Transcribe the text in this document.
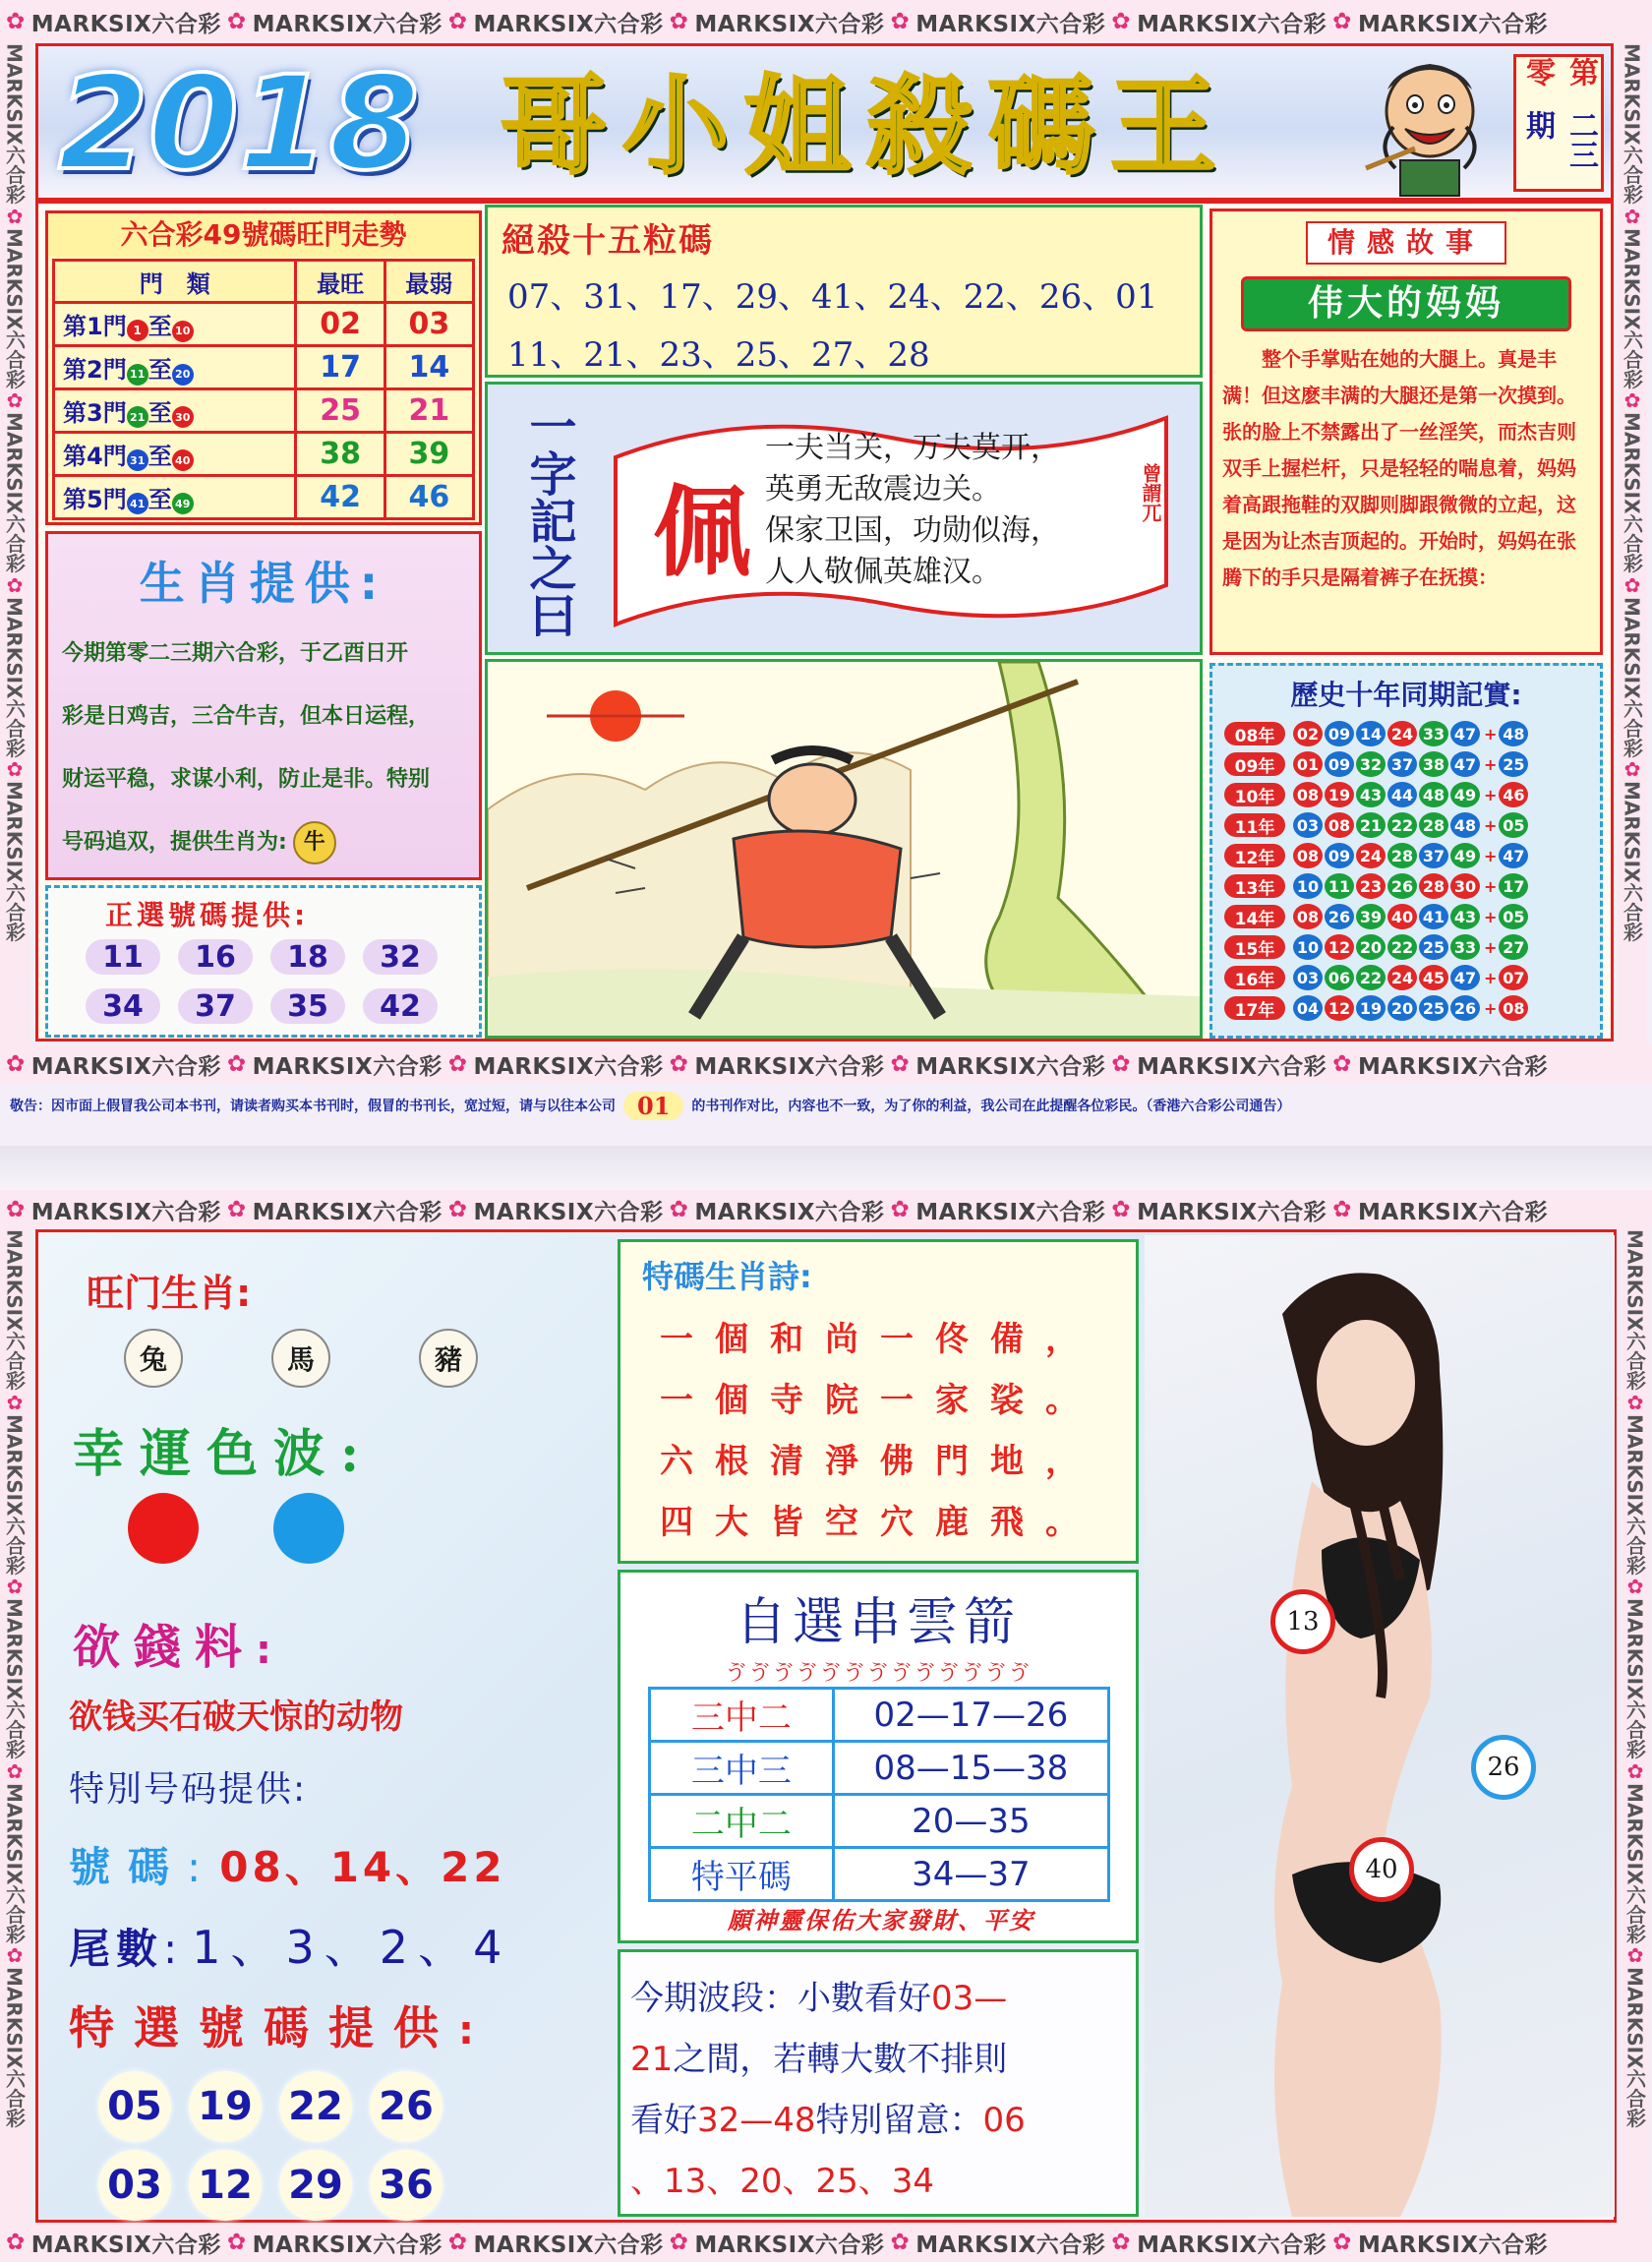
✿ MARKSIX六合彩 ✿ MARKSIX六合彩 ✿ MARKSIX六合彩 ✿ MARKSIX六合彩 ✿ MARKSIX六合彩 ✿ MARKSIX六合彩 ✿ MARKSIX六合彩
MARKSIX六合彩
✿
MARKSIX六合彩
✿
MARKSIX六合彩
✿
MARKSIX六合彩
✿
MARKSIX六合彩
MARKSIX六合彩
✿
MARKSIX六合彩
✿
MARKSIX六合彩
✿
MARKSIX六合彩
✿
MARKSIX六合彩
2018 哥小姐殺碼王	第零
二三期
六合彩49號碼旺門走勢
門　類	最旺	最弱
第1門 1 至 10	02	03
第2門 11 至 20	17	14
第3門 21 至 30	25	21
第4門 31 至 40	38	39
第5門 41 至 49	42	46
生肖提供:
今期第零二三期六合彩，于乙酉日开
彩是日鸡吉，三合牛吉，但本日运程，
财运平稳，求谋小利，防止是非。特别
号码追双，提供生肖为: 牛
正選號碼提供:
11	16	18	32
34	37	35	42
絕殺十五粒碼
07、31、17、29、41、24、22、26、01
11、21、23、25、27、28
一字記之曰 佩
一夫当关，万夫莫开，
英勇无敌震边关。
保家卫国，功勋似海，
人人敬佩英雄汉。
曾謂兀
情感故事
伟大的妈妈
整个手掌贴在她的大腿上。真是丰满！但这麽丰满的大腿还是第一次摸到。张的脸上不禁露出了一丝淫笑，而杰吉则双手上握栏杆，只是轻轻的喘息着，妈妈着高跟拖鞋的双脚则脚跟微微的立起，这是因为让杰吉顶起的。开始时，妈妈在张腾下的手只是隔着裤子在抚摸：
歷史十年同期記實:
08年	02 09 14 24 33 47 + 48
09年	01 09 32 37 38 47 + 25
10年	08 19 43 44 48 49 + 46
11年	03 08 21 22 28 48 + 05
12年	08 09 24 28 37 49 + 47
13年	10 11 23 26 28 30 + 17
14年	08 26 39 40 41 43 + 05
15年	10 12 20 22 25 33 + 27
16年	03 06 22 24 45 47 + 07
17年	04 12 19 20 25 26 + 08
✿ MARKSIX六合彩 ✿ MARKSIX六合彩 ✿ MARKSIX六合彩 ✿ MARKSIX六合彩 ✿ MARKSIX六合彩 ✿ MARKSIX六合彩 ✿ MARKSIX六合彩
敬告：因市面上假冒我公司本书刊，请读者购买本书刊时，假冒的书刊长，宽过短，请与以往本公司 01	的书刊作对比，内容也不一致，为了你的利益，我公司在此提醒各位彩民。（香港六合彩公司通告）
✿ MARKSIX六合彩 ✿ MARKSIX六合彩 ✿ MARKSIX六合彩 ✿ MARKSIX六合彩 ✿ MARKSIX六合彩 ✿ MARKSIX六合彩 ✿ MARKSIX六合彩
MARKSIX六合彩
✿
MARKSIX六合彩
✿
MARKSIX六合彩
✿
MARKSIX六合彩
✿
MARKSIX六合彩
MARKSIX六合彩
✿
MARKSIX六合彩
✿
MARKSIX六合彩
✿
MARKSIX六合彩
✿
MARKSIX六合彩
✿ MARKSIX六合彩 ✿ MARKSIX六合彩 ✿ MARKSIX六合彩 ✿ MARKSIX六合彩 ✿ MARKSIX六合彩 ✿ MARKSIX六合彩 ✿ MARKSIX六合彩
旺门生肖:
兔	馬	豬
幸運色波:
欲錢料:
欲钱买石破天惊的动物
特別号码提供:
號碼: 08、14、22
尾數: 1、3、2、4
特選號碼提供:
05 19 22 26
03 12 29 36
特碼生肖詩:
一個和尚一佟備，
一個寺院一家裟。
六根清淨佛門地，
四大皆空穴鹿飛。
自選串雲箭
ゔゔゔゔゔゔゔゔゔゔゔゔゔ
三中二	02—17—26
三中三	08—15—38
二中二	20—35
特平碼	34—37
願神靈保佑大家發財、平安
今期波段：小數看好03—
21之間，若轉大數不排則
看好32—48特別留意：06
、13、20、25、34
13
26
40
